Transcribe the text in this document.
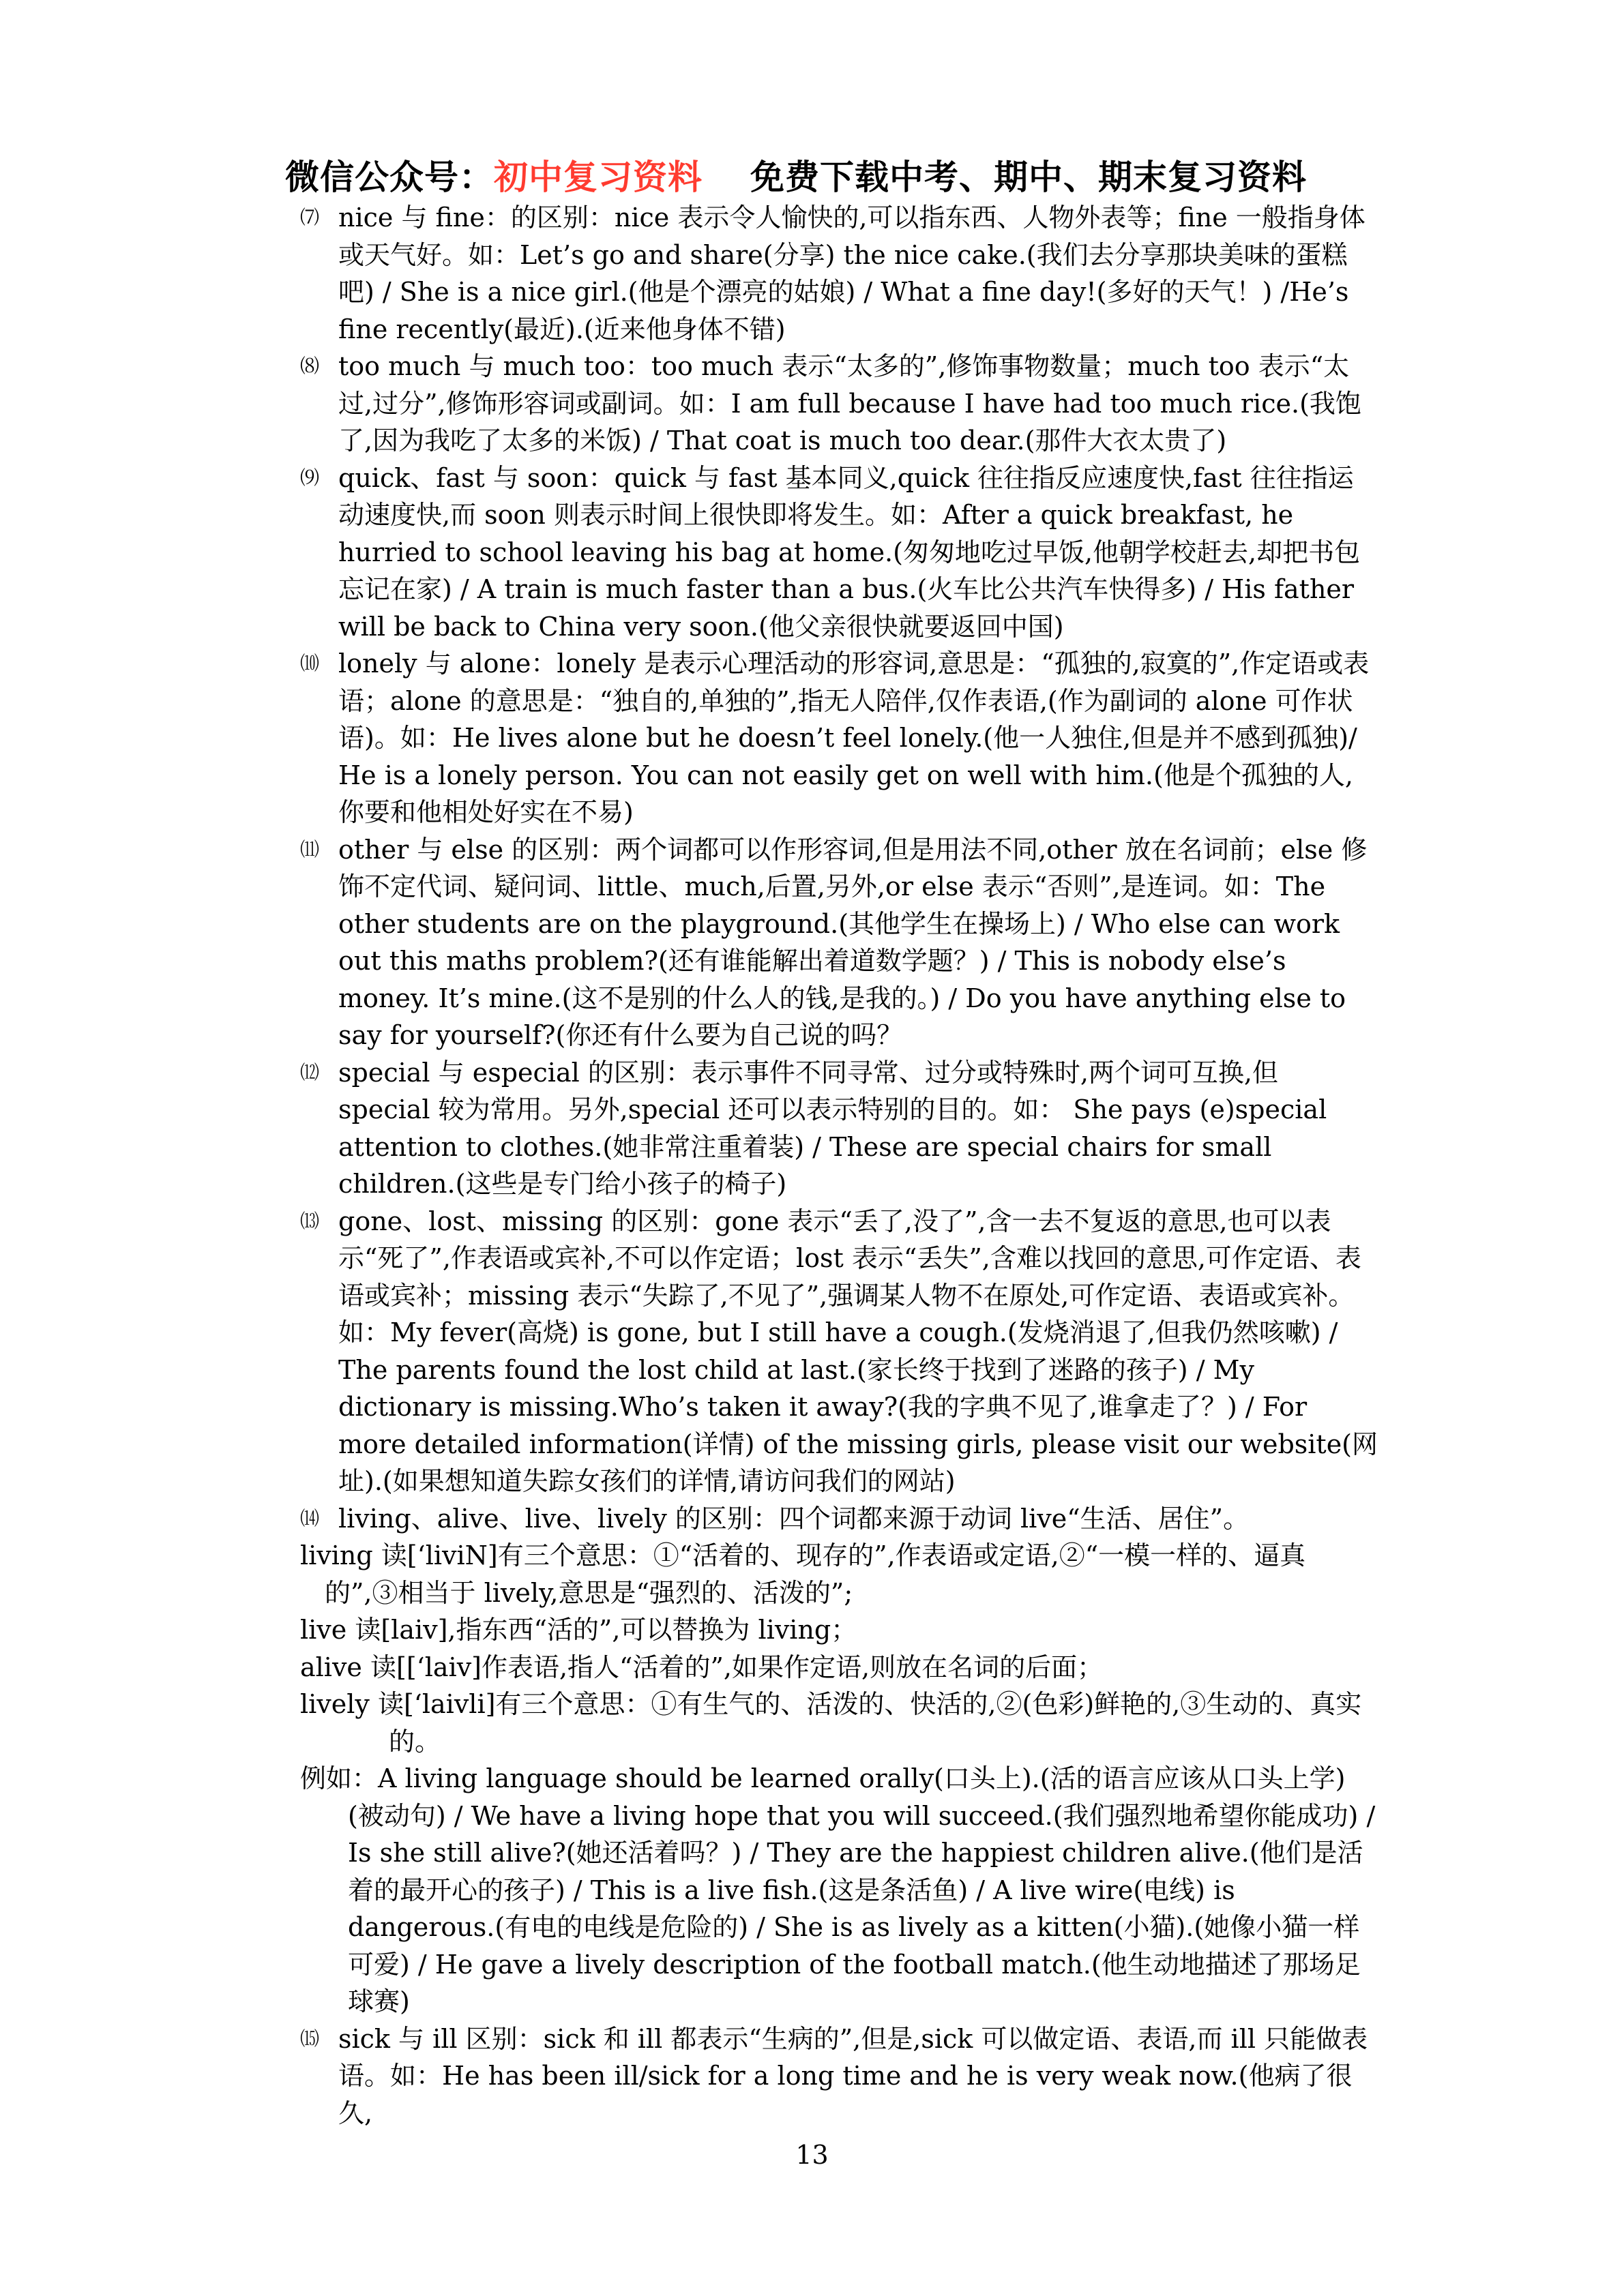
微信公众号：初中复习资料 免费下载中考、期中、期末复习资料
⑺ nice 与 fine：的区别：nice 表示令人愉快的,可以指东西、人物外表等；fine 一般指身体或天气好。如：Let’s go and share(分享) the nice cake.(我们去分享那块美味的蛋糕吧) / She is a nice girl.(他是个漂亮的姑娘) / What a fine day!(多好的天气！) /He’s fine recently(最近).(近来他身体不错)

⑻ too much 与 much too：too much 表示“太多的”,修饰事物数量；much too 表示“太过,过分”,修饰形容词或副词。如：I am full because I have had too much rice.(我饱了,因为我吃了太多的米饭) / That coat is much too dear.(那件大衣太贵了)

⑼ quick、fast 与 soon：quick 与 fast 基本同义,quick 往往指反应速度快,fast 往往指运动速度快,而 soon 则表示时间上很快即将发生。如：After a quick breakfast, he hurried to school leaving his bag at home.(匆匆地吃过早饭,他朝学校赶去,却把书包忘记在家) / A train is much faster than a bus.(火车比公共汽车快得多) / His father will be back to China very soon.(他父亲很快就要返回中国)

⑽ lonely 与 alone：lonely 是表示心理活动的形容词,意思是：“孤独的,寂寞的”,作定语或表语；alone 的意思是：“独自的,单独的”,指无人陪伴,仅作表语,(作为副词的 alone 可作状语)。如：He lives alone but he doesn’t feel lonely.(他一人独住,但是并不感到孤独)/ He is a lonely person. You can not easily get on well with him.(他是个孤独的人,你要和他相处好实在不易)

⑾ other 与 else 的区别：两个词都可以作形容词,但是用法不同,other 放在名词前；else 修饰不定代词、疑问词、little、much,后置,另外,or else 表示“否则”,是连词。如：The other students are on the playground.(其他学生在操场上) / Who else can work out this maths problem?(还有谁能解出着道数学题？) / This is nobody else’s money. It’s mine.(这不是别的什么人的钱,是我的。) / Do you have anything else to say for yourself?(你还有什么要为自己说的吗？

⑿ special 与 especial 的区别：表示事件不同寻常、过分或特殊时,两个词可互换,但 special 较为常用。另外,special 还可以表示特别的目的。如： She pays (e)special attention to clothes.(她非常注重着装) / These are special chairs for small children.(这些是专门给小孩子的椅子)

⒀ gone、lost、missing 的区别：gone 表示“丢了,没了”,含一去不复返的意思,也可以表示“死了”,作表语或宾补,不可以作定语；lost 表示“丢失”,含难以找回的意思,可作定语、表语或宾补；missing 表示“失踪了,不见了”,强调某人物不在原处,可作定语、表语或宾补。如：My fever(高烧) is gone, but I still have a cough.(发烧消退了,但我仍然咳嗽) / The parents found the lost child at last.(家长终于找到了迷路的孩子) / My dictionary is missing.Who’s taken it away?(我的字典不见了,谁拿走了？) / For more detailed information(详情) of the missing girls, please visit our website(网址).(如果想知道失踪女孩们的详情,请访问我们的网站)

⒁ living、alive、live、lively 的区别：四个词都来源于动词 live“生活、居住”。

living 读[‘liviN]有三个意思：①“活着的、现存的”,作表语或定语,②“一模一样的、逼真的”,③相当于 lively,意思是“强烈的、活泼的”;

live 读[laiv],指东西“活的”,可以替换为 living；

alive 读[[‘laiv]作表语,指人“活着的”,如果作定语,则放在名词的后面；

lively 读[‘laivli]有三个意思：①有生气的、活泼的、快活的,②(色彩)鲜艳的,③生动的、真实的。

例如：A living language should be learned orally(口头上).(活的语言应该从口头上学)(被动句) / We have a living hope that you will succeed.(我们强烈地希望你能成功) / Is she still alive?(她还活着吗？) / They are the happiest children alive.(他们是活着的最开心的孩子) / This is a live fish.(这是条活鱼) / A live wire(电线) is dangerous.(有电的电线是危险的) / She is as lively as a kitten(小猫).(她像小猫一样可爱) / He gave a lively description of the football match.(他生动地描述了那场足球赛)

⒂ sick 与 ill 区别：sick 和 ill 都表示“生病的”,但是,sick 可以做定语、表语,而 ill 只能做表语。如：He has been ill/sick for a long time and he is very weak now.(他病了很久,

13
